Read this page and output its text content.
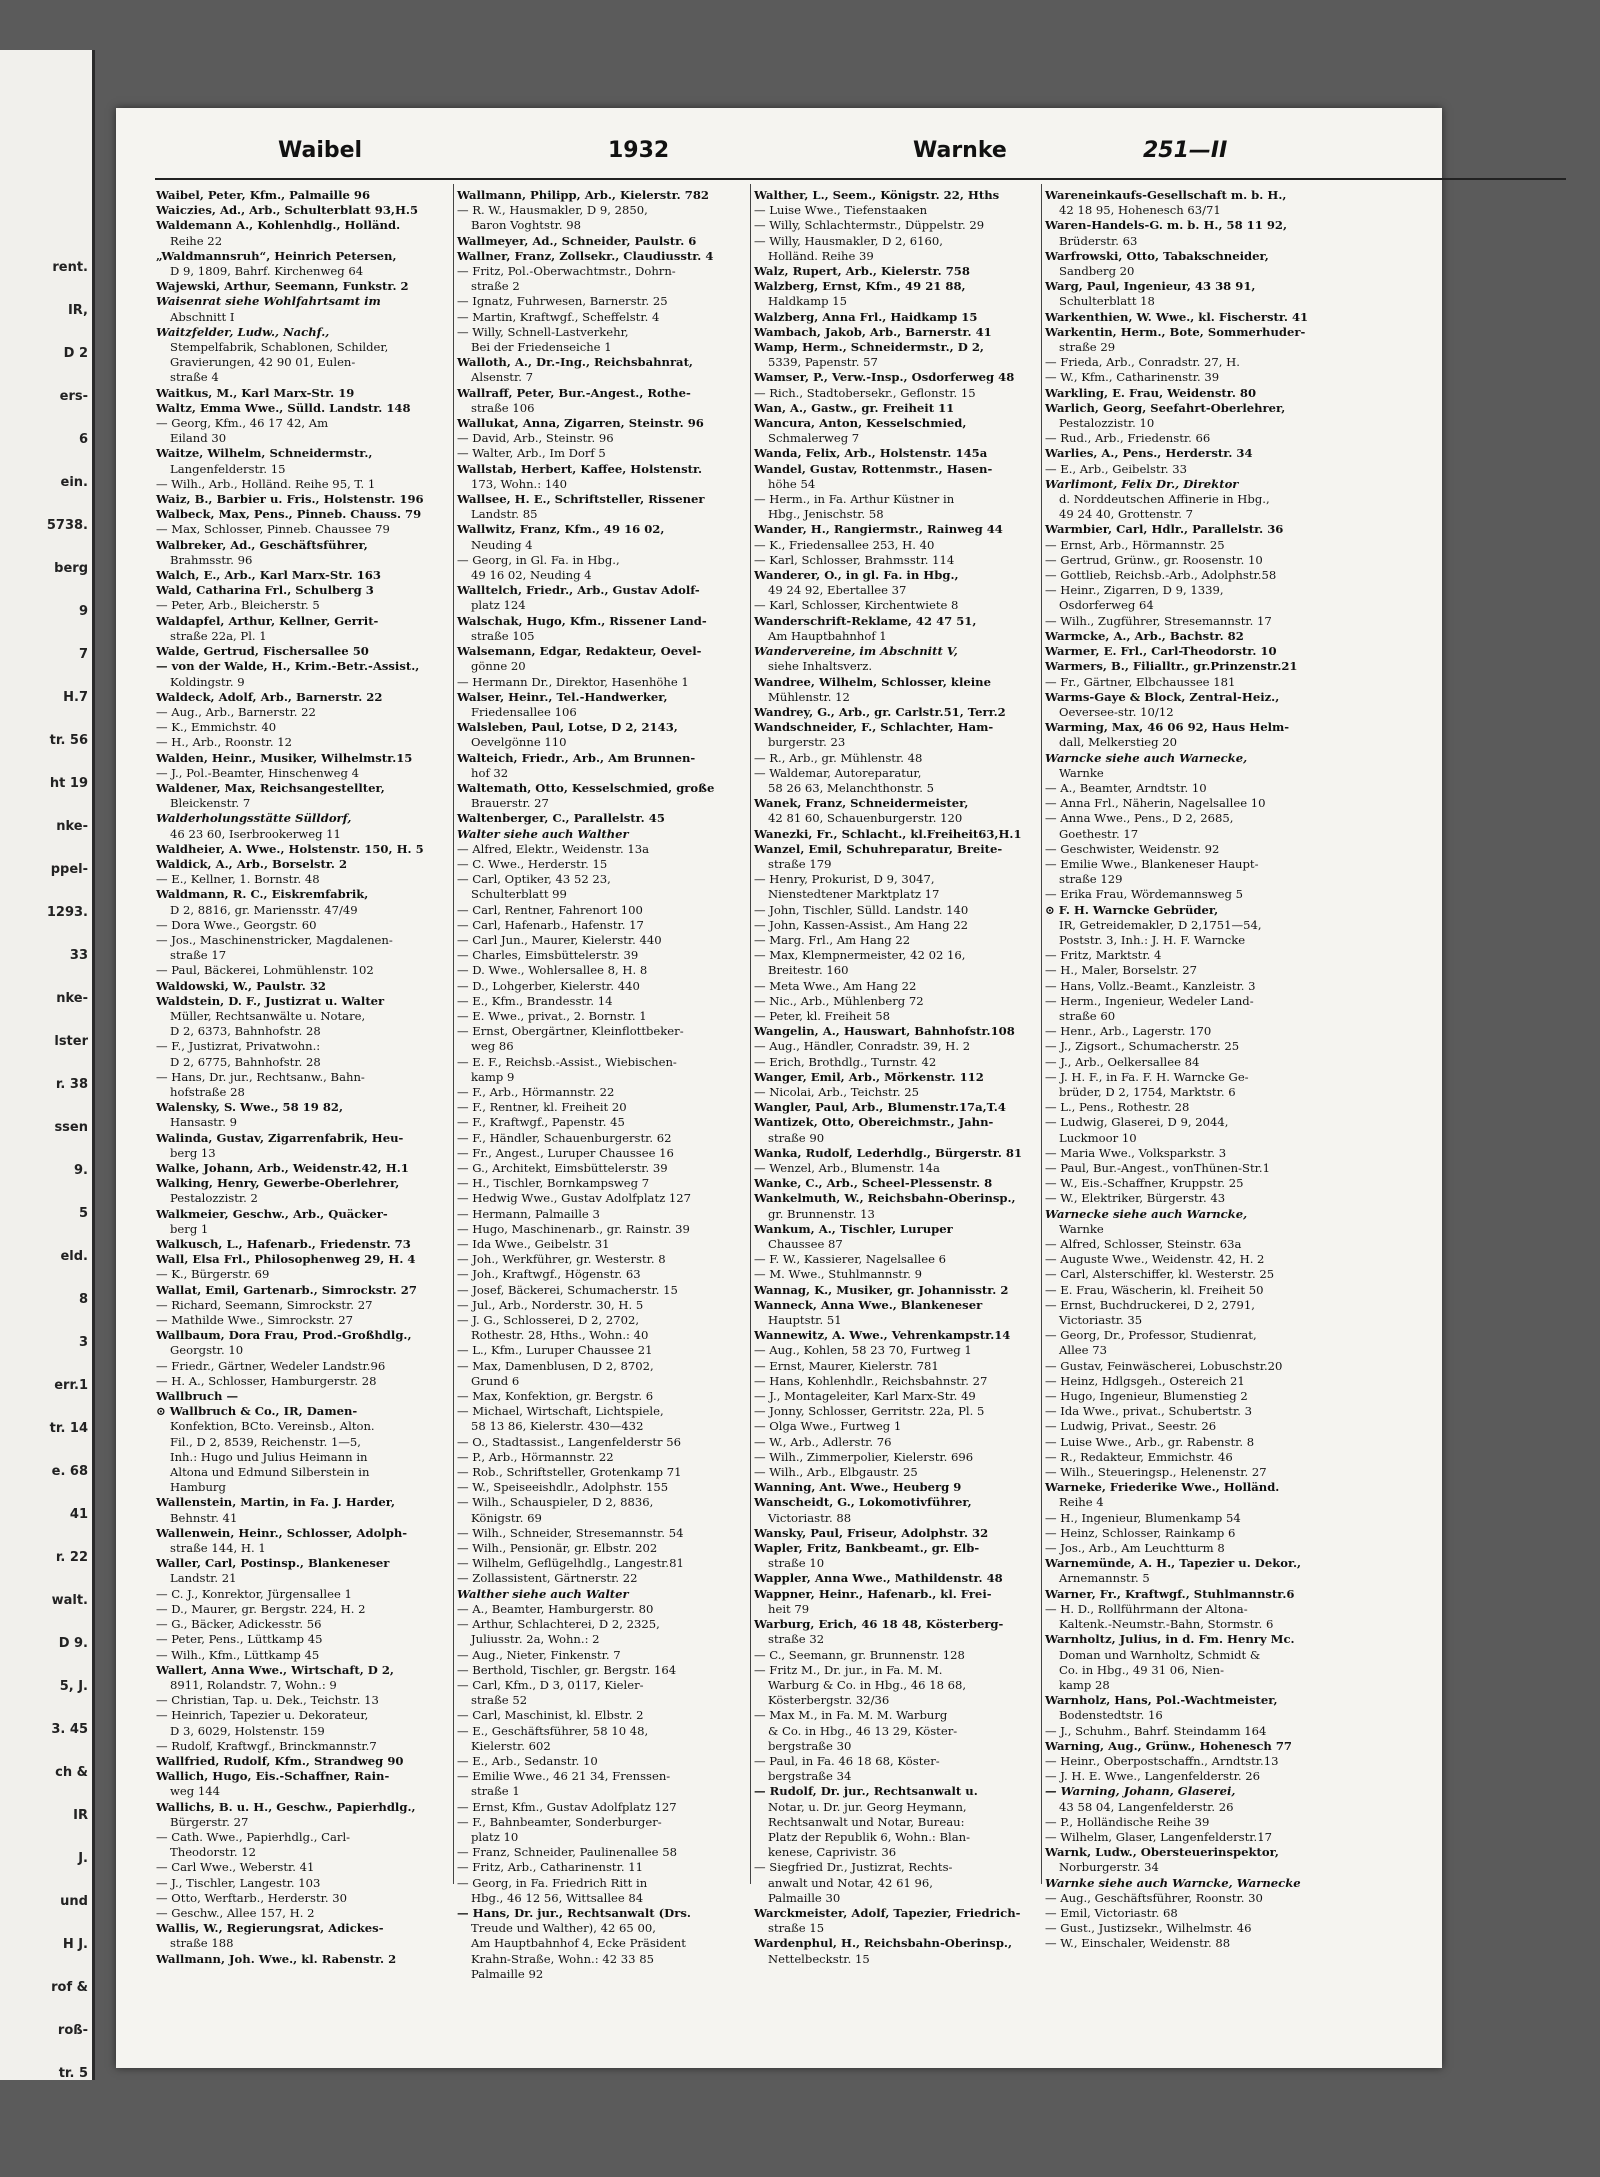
rent.
IR,
D 2
ers-
6
ein.
5738.
berg
9
7
H.7
tr. 56
ht 19
nke-
ppel-
1293.
33
nke-
lster
r. 38
ssen
9.
5
eld.
8
3
err.1
tr. 14
e. 68
41
r. 22
walt.
D 9.
5, J.
3. 45
ch &
IR
J.
und
H J.
rof &
roß-
tr. 5
Waibel	1932	Warnke	251—II
Waibel, Peter, Kfm., Palmaille 96
Waiczies, Ad., Arb., Schulterblatt 93,H.5
Waldemann A., Kohlenhdlg., Holländ.
Reihe 22
„Waldmannsruh“, Heinrich Petersen,
D 9, 1809, Bahrf. Kirchenweg 64
Wajewski, Arthur, Seemann, Funkstr. 2
Waisenrat siehe Wohlfahrtsamt im
Abschnitt I
Waitzfelder, Ludw., Nachf.,
Stempelfabrik, Schablonen, Schilder,
Gravierungen, 42 90 01, Eulen-
straße 4
Waitkus, M., Karl Marx-Str. 19
Waltz, Emma Wwe., Sülld. Landstr. 148
— Georg, Kfm., 46 17 42, Am
Eiland 30
Waitze, Wilhelm, Schneidermstr.,
Langenfelderstr. 15
— Wilh., Arb., Holländ. Reihe 95, T. 1
Waiz, B., Barbier u. Fris., Holstenstr. 196
Walbeck, Max, Pens., Pinneb. Chauss. 79
— Max, Schlosser, Pinneb. Chaussee 79
Walbreker, Ad., Geschäftsführer,
Brahmsstr. 96
Walch, E., Arb., Karl Marx-Str. 163
Wald, Catharina Frl., Schulberg 3
— Peter, Arb., Bleicherstr. 5
Waldapfel, Arthur, Kellner, Gerrit-
straße 22a, Pl. 1
Walde, Gertrud, Fischersallee 50
— von der Walde, H., Krim.-Betr.-Assist.,
Koldingstr. 9
Waldeck, Adolf, Arb., Barnerstr. 22
— Aug., Arb., Barnerstr. 22
— K., Emmichstr. 40
— H., Arb., Roonstr. 12
Walden, Heinr., Musiker, Wilhelmstr.15
— J., Pol.-Beamter, Hinschenweg 4
Waldener, Max, Reichsangestellter,
Bleickenstr. 7
Walderholungsstätte Sülldorf,
46 23 60, Iserbrookerweg 11
Waldheier, A. Wwe., Holstenstr. 150, H. 5
Waldick, A., Arb., Borselstr. 2
— E., Kellner, 1. Bornstr. 48
Waldmann, R. C., Eiskremfabrik,
D 2, 8816, gr. Mariensstr. 47/49
— Dora Wwe., Georgstr. 60
— Jos., Maschinenstricker, Magdalenen-
straße 17
— Paul, Bäckerei, Lohmühlenstr. 102
Waldowski, W., Paulstr. 32
Waldstein, D. F., Justizrat u. Walter
Müller, Rechtsanwälte u. Notare,
D 2, 6373, Bahnhofstr. 28
— F., Justizrat, Privatwohn.:
D 2, 6775, Bahnhofstr. 28
— Hans, Dr. jur., Rechtsanw., Bahn-
hofstraße 28
Walensky, S. Wwe., 58 19 82,
Hansastr. 9
Walinda, Gustav, Zigarrenfabrik, Heu-
berg 13
Walke, Johann, Arb., Weidenstr.42, H.1
Walking, Henry, Gewerbe-Oberlehrer,
Pestalozzistr. 2
Walkmeier, Geschw., Arb., Quäcker-
berg 1
Walkusch, L., Hafenarb., Friedenstr. 73
Wall, Elsa Frl., Philosophenweg 29, H. 4
— K., Bürgerstr. 69
Wallat, Emil, Gartenarb., Simrockstr. 27
— Richard, Seemann, Simrockstr. 27
— Mathilde Wwe., Simrockstr. 27
Wallbaum, Dora Frau, Prod.-Großhdlg.,
Georgstr. 10
— Friedr., Gärtner, Wedeler Landstr.96
— H. A., Schlosser, Hamburgerstr. 28
Wallbruch —
⊙ Wallbruch & Co., IR, Damen-
Konfektion, BCto. Vereinsb., Alton.
Fil., D 2, 8539, Reichenstr. 1—5,
Inh.: Hugo und Julius Heimann in
Altona und Edmund Silberstein in
Hamburg
Wallenstein, Martin, in Fa. J. Harder,
Behnstr. 41
Wallenwein, Heinr., Schlosser, Adolph-
straße 144, H. 1
Waller, Carl, Postinsp., Blankeneser
Landstr. 21
— C. J., Konrektor, Jürgensallee 1
— D., Maurer, gr. Bergstr. 224, H. 2
— G., Bäcker, Adickesstr. 56
— Peter, Pens., Lüttkamp 45
— Wilh., Kfm., Lüttkamp 45
Wallert, Anna Wwe., Wirtschaft, D 2,
8911, Rolandstr. 7, Wohn.: 9
— Christian, Tap. u. Dek., Teichstr. 13
— Heinrich, Tapezier u. Dekorateur,
D 3, 6029, Holstenstr. 159
— Rudolf, Kraftwgf., Brinckmannstr.7
Wallfried, Rudolf, Kfm., Strandweg 90
Wallich, Hugo, Eis.-Schaffner, Rain-
weg 144
Wallichs, B. u. H., Geschw., Papierhdlg.,
Bürgerstr. 27
— Cath. Wwe., Papierhdlg., Carl-
Theodorstr. 12
— Carl Wwe., Weberstr. 41
— J., Tischler, Langestr. 103
— Otto, Werftarb., Herderstr. 30
— Geschw., Allee 157, H. 2
Wallis, W., Regierungsrat, Adickes-
straße 188
Wallmann, Joh. Wwe., kl. Rabenstr. 2
Wallmann, Philipp, Arb., Kielerstr. 782
— R. W., Hausmakler, D 9, 2850,
Baron Voghtstr. 98
Wallmeyer, Ad., Schneider, Paulstr. 6
Wallner, Franz, Zollsekr., Claudiusstr. 4
— Fritz, Pol.-Oberwachtmstr., Dohrn-
straße 2
— Ignatz, Fuhrwesen, Barnerstr. 25
— Martin, Kraftwgf., Scheffelstr. 4
— Willy, Schnell-Lastverkehr,
Bei der Friedenseiche 1
Walloth, A., Dr.-Ing., Reichsbahnrat,
Alsenstr. 7
Wallraff, Peter, Bur.-Angest., Rothe-
straße 106
Wallukat, Anna, Zigarren, Steinstr. 96
— David, Arb., Steinstr. 96
— Walter, Arb., Im Dorf 5
Wallstab, Herbert, Kaffee, Holstenstr.
173, Wohn.: 140
Wallsee, H. E., Schriftsteller, Rissener
Landstr. 85
Wallwitz, Franz, Kfm., 49 16 02,
Neuding 4
— Georg, in Gl. Fa. in Hbg.,
49 16 02, Neuding 4
Walltelch, Friedr., Arb., Gustav Adolf-
platz 124
Walschak, Hugo, Kfm., Rissener Land-
straße 105
Walsemann, Edgar, Redakteur, Oevel-
gönne 20
— Hermann Dr., Direktor, Hasenhöhe 1
Walser, Heinr., Tel.-Handwerker,
Friedensallee 106
Walsleben, Paul, Lotse, D 2, 2143,
Oevelgönne 110
Walteich, Friedr., Arb., Am Brunnen-
hof 32
Waltemath, Otto, Kesselschmied, große
Brauerstr. 27
Waltenberger, C., Parallelstr. 45
Walter siehe auch Walther
— Alfred, Elektr., Weidenstr. 13a
— C. Wwe., Herderstr. 15
— Carl, Optiker, 43 52 23,
Schulterblatt 99
— Carl, Rentner, Fahrenort 100
— Carl, Hafenarb., Hafenstr. 17
— Carl Jun., Maurer, Kielerstr. 440
— Charles, Eimsbüttelerstr. 39
— D. Wwe., Wohlersallee 8, H. 8
— D., Lohgerber, Kielerstr. 440
— E., Kfm., Brandesstr. 14
— E. Wwe., privat., 2. Bornstr. 1
— Ernst, Obergärtner, Kleinflottbeker-
weg 86
— E. F., Reichsb.-Assist., Wiebischen-
kamp 9
— F., Arb., Hörmannstr. 22
— F., Rentner, kl. Freiheit 20
— F., Kraftwgf., Papenstr. 45
— F., Händler, Schauenburgerstr. 62
— Fr., Angest., Luruper Chaussee 16
— G., Architekt, Eimsbüttelerstr. 39
— H., Tischler, Bornkampsweg 7
— Hedwig Wwe., Gustav Adolfplatz 127
— Hermann, Palmaille 3
— Hugo, Maschinenarb., gr. Rainstr. 39
— Ida Wwe., Geibelstr. 31
— Joh., Werkführer, gr. Westerstr. 8
— Joh., Kraftwgf., Högenstr. 63
— Josef, Bäckerei, Schumacherstr. 15
— Jul., Arb., Norderstr. 30, H. 5
— J. G., Schlosserei, D 2, 2702,
Rothestr. 28, Hths., Wohn.: 40
— L., Kfm., Luruper Chaussee 21
— Max, Damenblusen, D 2, 8702,
Grund 6
— Max, Konfektion, gr. Bergstr. 6
— Michael, Wirtschaft, Lichtspiele,
58 13 86, Kielerstr. 430—432
— O., Stadtassist., Langenfelderstr 56
— P., Arb., Hörmannstr. 22
— Rob., Schriftsteller, Grotenkamp 71
— W., Speiseeishdlr., Adolphstr. 155
— Wilh., Schauspieler, D 2, 8836,
Königstr. 69
— Wilh., Schneider, Stresemannstr. 54
— Wilh., Pensionär, gr. Elbstr. 202
— Wilhelm, Geflügelhdlg., Langestr.81
— Zollassistent, Gärtnerstr. 22
Walther siehe auch Walter
— A., Beamter, Hamburgerstr. 80
— Arthur, Schlachterei, D 2, 2325,
Juliusstr. 2a, Wohn.: 2
— Aug., Nieter, Finkenstr. 7
— Berthold, Tischler, gr. Bergstr. 164
— Carl, Kfm., D 3, 0117, Kieler-
straße 52
— Carl, Maschinist, kl. Elbstr. 2
— E., Geschäftsführer, 58 10 48,
Kielerstr. 602
— E., Arb., Sedanstr. 10
— Emilie Wwe., 46 21 34, Frenssen-
straße 1
— Ernst, Kfm., Gustav Adolfplatz 127
— F., Bahnbeamter, Sonderburger-
platz 10
— Franz, Schneider, Paulinenallee 58
— Fritz, Arb., Catharinenstr. 11
— Georg, in Fa. Friedrich Ritt in
Hbg., 46 12 56, Wittsallee 84
— Hans, Dr. jur., Rechtsanwalt (Drs.
Treude und Walther), 42 65 00,
Am Hauptbahnhof 4, Ecke Präsident
Krahn-Straße, Wohn.: 42 33 85
Palmaille 92
Walther, L., Seem., Königstr. 22, Hths
— Luise Wwe., Tiefenstaaken
— Willy, Schlachtermstr., Düppelstr. 29
— Willy, Hausmakler, D 2, 6160,
Holländ. Reihe 39
Walz, Rupert, Arb., Kielerstr. 758
Walzberg, Ernst, Kfm., 49 21 88,
Haldkamp 15
Walzberg, Anna Frl., Haidkamp 15
Wambach, Jakob, Arb., Barnerstr. 41
Wamp, Herm., Schneidermstr., D 2,
5339, Papenstr. 57
Wamser, P., Verw.-Insp., Osdorferweg 48
— Rich., Stadtobersekr., Geflonstr. 15
Wan, A., Gastw., gr. Freiheit 11
Wancura, Anton, Kesselschmied,
Schmalerweg 7
Wanda, Felix, Arb., Holstenstr. 145a
Wandel, Gustav, Rottenmstr., Hasen-
höhe 54
— Herm., in Fa. Arthur Küstner in
Hbg., Jenischstr. 58
Wander, H., Rangiermstr., Rainweg 44
— K., Friedensallee 253, H. 40
— Karl, Schlosser, Brahmsstr. 114
Wanderer, O., in gl. Fa. in Hbg.,
49 24 92, Ebertallee 37
— Karl, Schlosser, Kirchentwiete 8
Wanderschrift-Reklame, 42 47 51,
Am Hauptbahnhof 1
Wandervereine, im Abschnitt V,
siehe Inhaltsverz.
Wandree, Wilhelm, Schlosser, kleine
Mühlenstr. 12
Wandrey, G., Arb., gr. Carlstr.51, Terr.2
Wandschneider, F., Schlachter, Ham-
burgerstr. 23
— R., Arb., gr. Mühlenstr. 48
— Waldemar, Autoreparatur,
58 26 63, Melanchthonstr. 5
Wanek, Franz, Schneidermeister,
42 81 60, Schauenburgerstr. 120
Wanezki, Fr., Schlacht., kl.Freiheit63,H.1
Wanzel, Emil, Schuhreparatur, Breite-
straße 179
— Henry, Prokurist, D 9, 3047,
Nienstedtener Marktplatz 17
— John, Tischler, Sülld. Landstr. 140
— John, Kassen-Assist., Am Hang 22
— Marg. Frl., Am Hang 22
— Max, Klempnermeister, 42 02 16,
Breitestr. 160
— Meta Wwe., Am Hang 22
— Nic., Arb., Mühlenberg 72
— Peter, kl. Freiheit 58
Wangelin, A., Hauswart, Bahnhofstr.108
— Aug., Händler, Conradstr. 39, H. 2
— Erich, Brothdlg., Turnstr. 42
Wanger, Emil, Arb., Mörkenstr. 112
— Nicolai, Arb., Teichstr. 25
Wangler, Paul, Arb., Blumenstr.17a,T.4
Wantizek, Otto, Obereichmstr., Jahn-
straße 90
Wanka, Rudolf, Lederhdlg., Bürgerstr. 81
— Wenzel, Arb., Blumenstr. 14a
Wanke, C., Arb., Scheel-Plessenstr. 8
Wankelmuth, W., Reichsbahn-Oberinsp.,
gr. Brunnenstr. 13
Wankum, A., Tischler, Luruper
Chaussee 87
— F. W., Kassierer, Nagelsallee 6
— M. Wwe., Stuhlmannstr. 9
Wannag, K., Musiker, gr. Johannisstr. 2
Wanneck, Anna Wwe., Blankeneser
Hauptstr. 51
Wannewitz, A. Wwe., Vehrenkampstr.14
— Aug., Kohlen, 58 23 70, Furtweg 1
— Ernst, Maurer, Kielerstr. 781
— Hans, Kohlenhdlr., Reichsbahnstr. 27
— J., Montageleiter, Karl Marx-Str. 49
— Jonny, Schlosser, Gerritstr. 22a, Pl. 5
— Olga Wwe., Furtweg 1
— W., Arb., Adlerstr. 76
— Wilh., Zimmerpolier, Kielerstr. 696
— Wilh., Arb., Elbgaustr. 25
Wanning, Ant. Wwe., Heuberg 9
Wanscheidt, G., Lokomotivführer,
Victoriastr. 88
Wansky, Paul, Friseur, Adolphstr. 32
Wapler, Fritz, Bankbeamt., gr. Elb-
straße 10
Wappler, Anna Wwe., Mathildenstr. 48
Wappner, Heinr., Hafenarb., kl. Frei-
heit 79
Warburg, Erich, 46 18 48, Kösterberg-
straße 32
— C., Seemann, gr. Brunnenstr. 128
— Fritz M., Dr. jur., in Fa. M. M.
Warburg & Co. in Hbg., 46 18 68,
Kösterbergstr. 32/36
— Max M., in Fa. M. M. Warburg
& Co. in Hbg., 46 13 29, Köster-
bergstraße 30
— Paul, in Fa. 46 18 68, Köster-
bergstraße 34
— Rudolf, Dr. jur., Rechtsanwalt u.
Notar, u. Dr. jur. Georg Heymann,
Rechtsanwalt und Notar, Bureau:
Platz der Republik 6, Wohn.: Blan-
kenese, Caprivistr. 36
— Siegfried Dr., Justizrat, Rechts-
anwalt und Notar, 42 61 96,
Palmaille 30
Warckmeister, Adolf, Tapezier, Friedrich-
straße 15
Wardenphul, H., Reichsbahn-Oberinsp.,
Nettelbeckstr. 15
Wareneinkaufs-Gesellschaft m. b. H.,
42 18 95, Hohenesch 63/71
Waren-Handels-G. m. b. H., 58 11 92,
Brüderstr. 63
Warfrowski, Otto, Tabakschneider,
Sandberg 20
Warg, Paul, Ingenieur, 43 38 91,
Schulterblatt 18
Warkenthien, W. Wwe., kl. Fischerstr. 41
Warkentin, Herm., Bote, Sommerhuder-
straße 29
— Frieda, Arb., Conradstr. 27, H.
— W., Kfm., Catharinenstr. 39
Warkling, E. Frau, Weidenstr. 80
Warlich, Georg, Seefahrt-Oberlehrer,
Pestalozzistr. 10
— Rud., Arb., Friedenstr. 66
Warlies, A., Pens., Herderstr. 34
— E., Arb., Geibelstr. 33
Warlimont, Felix Dr., Direktor
d. Norddeutschen Affinerie in Hbg.,
49 24 40, Grottenstr. 7
Warmbier, Carl, Hdlr., Parallelstr. 36
— Ernst, Arb., Hörmannstr. 25
— Gertrud, Grünw., gr. Roosenstr. 10
— Gottlieb, Reichsb.-Arb., Adolphstr.58
— Heinr., Zigarren, D 9, 1339,
Osdorferweg 64
— Wilh., Zugführer, Stresemannstr. 17
Warmcke, A., Arb., Bachstr. 82
Warmer, E. Frl., Carl-Theodorstr. 10
Warmers, B., Filialltr., gr.Prinzenstr.21
— Fr., Gärtner, Elbchaussee 181
Warms-Gaye & Block, Zentral-Heiz.,
Oeversee-str. 10/12
Warming, Max, 46 06 92, Haus Helm-
dall, Melkerstieg 20
Warncke siehe auch Warnecke,
Warnke
— A., Beamter, Arndtstr. 10
— Anna Frl., Näherin, Nagelsallee 10
— Anna Wwe., Pens., D 2, 2685,
Goethestr. 17
— Geschwister, Weidenstr. 92
— Emilie Wwe., Blankeneser Haupt-
straße 129
— Erika Frau, Wördemannsweg 5
⊙ F. H. Warncke Gebrüder,
IR, Getreidemakler, D 2,1751—54,
Poststr. 3, Inh.: J. H. F. Warncke
— Fritz, Marktstr. 4
— H., Maler, Borselstr. 27
— Hans, Vollz.-Beamt., Kanzleistr. 3
— Herm., Ingenieur, Wedeler Land-
straße 60
— Henr., Arb., Lagerstr. 170
— J., Zigsort., Schumacherstr. 25
— J., Arb., Oelkersallee 84
— J. H. F., in Fa. F. H. Warncke Ge-
brüder, D 2, 1754, Marktstr. 6
— L., Pens., Rothestr. 28
— Ludwig, Glaserei, D 9, 2044,
Luckmoor 10
— Maria Wwe., Volksparkstr. 3
— Paul, Bur.-Angest., vonThünen-Str.1
— W., Eis.-Schaffner, Kruppstr. 25
— W., Elektriker, Bürgerstr. 43
Warnecke siehe auch Warncke,
Warnke
— Alfred, Schlosser, Steinstr. 63a
— Auguste Wwe., Weidenstr. 42, H. 2
— Carl, Alsterschiffer, kl. Westerstr. 25
— E. Frau, Wäscherin, kl. Freiheit 50
— Ernst, Buchdruckerei, D 2, 2791,
Victoriastr. 35
— Georg, Dr., Professor, Studienrat,
Allee 73
— Gustav, Feinwäscherei, Lobuschstr.20
— Heinz, Hdlgsgeh., Ostereich 21
— Hugo, Ingenieur, Blumenstieg 2
— Ida Wwe., privat., Schubertstr. 3
— Ludwig, Privat., Seestr. 26
— Luise Wwe., Arb., gr. Rabenstr. 8
— R., Redakteur, Emmichstr. 46
— Wilh., Steueringsp., Helenenstr. 27
Warneke, Friederike Wwe., Holländ.
Reihe 4
— H., Ingenieur, Blumenkamp 54
— Heinz, Schlosser, Rainkamp 6
— Jos., Arb., Am Leuchtturm 8
Warnemünde, A. H., Tapezier u. Dekor.,
Arnemannstr. 5
Warner, Fr., Kraftwgf., Stuhlmannstr.6
— H. D., Rollführmann der Altona-
Kaltenk.-Neumstr.-Bahn, Stormstr. 6
Warnholtz, Julius, in d. Fm. Henry Mc.
Doman und Warnholtz, Schmidt &
Co. in Hbg., 49 31 06, Nien-
kamp 28
Warnholz, Hans, Pol.-Wachtmeister,
Bodenstedtstr. 16
— J., Schuhm., Bahrf. Steindamm 164
Warning, Aug., Grünw., Hohenesch 77
— Heinr., Oberpostschaffn., Arndtstr.13
— J. H. E. Wwe., Langenfelderstr. 26
— Warning, Johann, Glaserei,
43 58 04, Langenfelderstr. 26
— P., Holländische Reihe 39
— Wilhelm, Glaser, Langenfelderstr.17
Warnk, Ludw., Obersteuerinspektor,
Norburgerstr. 34
Warnke siehe auch Warncke, Warnecke
— Aug., Geschäftsführer, Roonstr. 30
— Emil, Victoriastr. 68
— Gust., Justizsekr., Wilhelmstr. 46
— W., Einschaler, Weidenstr. 88
